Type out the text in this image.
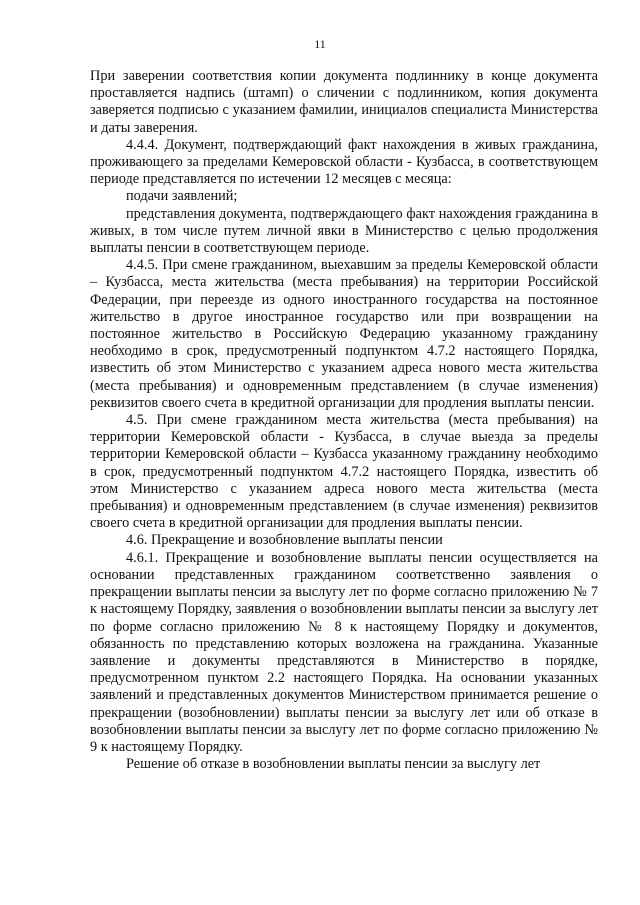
11

При заверении соответствия копии документа подлиннику в конце документа проставляется надпись (штамп) о сличении с подлинником, копия документа заверяется подписью с указанием фамилии, инициалов специалиста Министерства и даты заверения.

4.4.4. Документ, подтверждающий факт нахождения в живых гражданина, проживающего за пределами Кемеровской области - Кузбасса, в соответствующем периоде представляется по истечении 12 месяцев с месяца:

подачи заявлений;

представления документа, подтверждающего факт нахождения гражданина в живых, в том числе путем личной явки в Министерство с целью продолжения выплаты пенсии в соответствующем периоде.

4.4.5. При смене гражданином, выехавшим за пределы Кемеровской области – Кузбасса, места жительства (места пребывания) на территории Российской Федерации, при переезде из одного иностранного государства на постоянное жительство в другое иностранное государство или при возвращении на постоянное жительство в Российскую Федерацию указанному гражданину необходимо в срок, предусмотренный подпунктом 4.7.2 настоящего Порядка, известить об этом Министерство с указанием адреса нового места жительства (места пребывания) и одновременным представлением (в случае изменения) реквизитов своего счета в кредитной организации для продления выплаты пенсии.

4.5. При смене гражданином места жительства (места пребывания) на территории Кемеровской области - Кузбасса, в случае выезда за пределы территории Кемеровской области – Кузбасса указанному гражданину необходимо в срок, предусмотренный подпунктом 4.7.2 настоящего Порядка, известить об этом Министерство с указанием адреса нового места жительства (места пребывания) и одновременным представлением (в случае изменения) реквизитов своего счета в кредитной организации для продления выплаты пенсии.

4.6. Прекращение и возобновление выплаты пенсии

4.6.1. Прекращение и возобновление выплаты пенсии осуществляется на основании представленных гражданином соответственно заявления о прекращении выплаты пенсии за выслугу лет по форме согласно приложению № 7 к настоящему Порядку, заявления о возобновлении выплаты пенсии за выслугу лет по форме согласно приложению № 8 к настоящему Порядку и документов, обязанность по представлению которых возложена на гражданина. Указанные заявление и документы представляются в Министерство в порядке, предусмотренном пунктом 2.2 настоящего Порядка. На основании указанных заявлений и представленных документов Министерством принимается решение о прекращении (возобновлении) выплаты пенсии за выслугу лет или об отказе в возобновлении выплаты пенсии за выслугу лет по форме согласно приложению № 9 к настоящему Порядку.

Решение об отказе в возобновлении выплаты пенсии за выслугу лет
